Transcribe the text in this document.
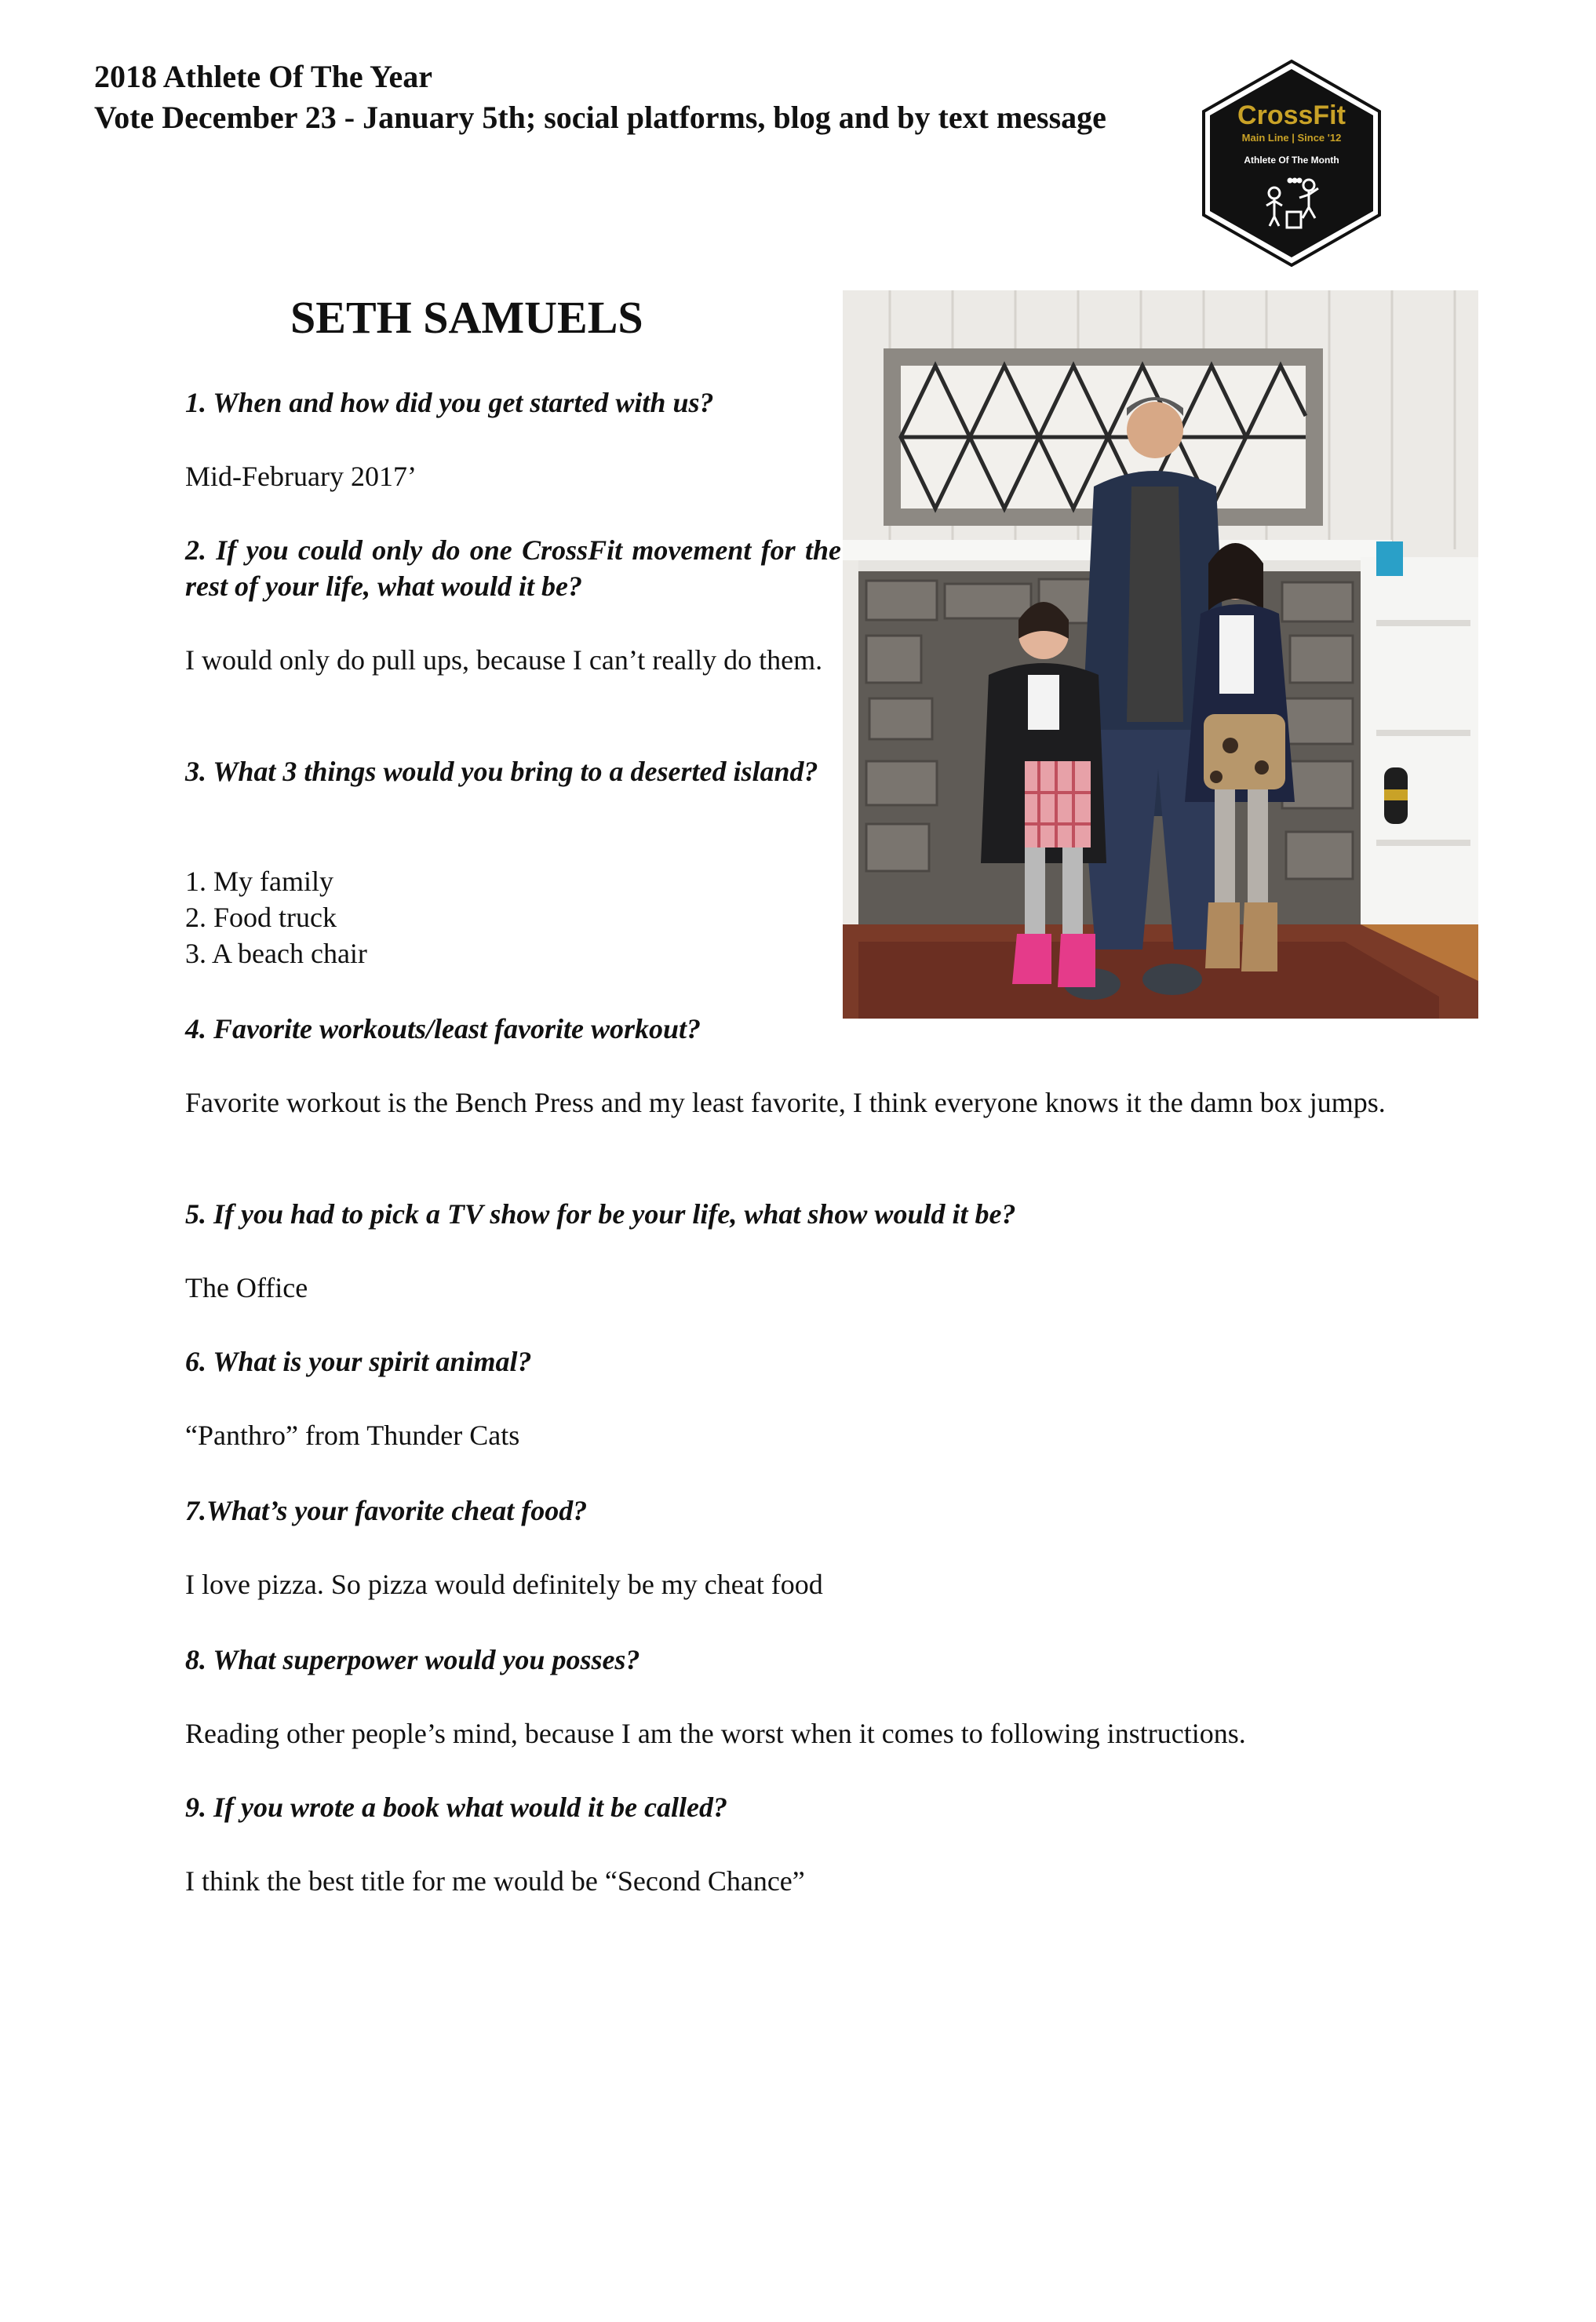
2018 Athlete Of The Year
Vote December 23 - January 5th; social platforms, blog and by text message	CrossFit
Main Line | Since '12
Athlete Of The Month
SETH SAMUELS

1. When and how did you get started with us?

Mid-February 2017’

2. If you could only do one CrossFit movement for the rest of your life, what would it be?

I would only do pull ups, because I can’t really do them.

3. What 3 things would you bring to a deserted island?

1. My family
2. Food truck
3. A beach chair

4. Favorite workouts/least favorite workout?

Favorite workout is the Bench Press and my least favorite, I think everyone knows it the damn box jumps.

5. If you had to pick a TV show for be your life, what show would it be?

The Office

6. What is your spirit animal?

“Panthro” from Thunder Cats

7.What’s your favorite cheat food?

I love pizza. So pizza would definitely be my cheat food

8. What superpower would you posses?

Reading other people’s mind, because I am the worst when it comes to following instructions.

9. If you wrote a book what would it be called?

I think the best title for me would be “Second Chance”
